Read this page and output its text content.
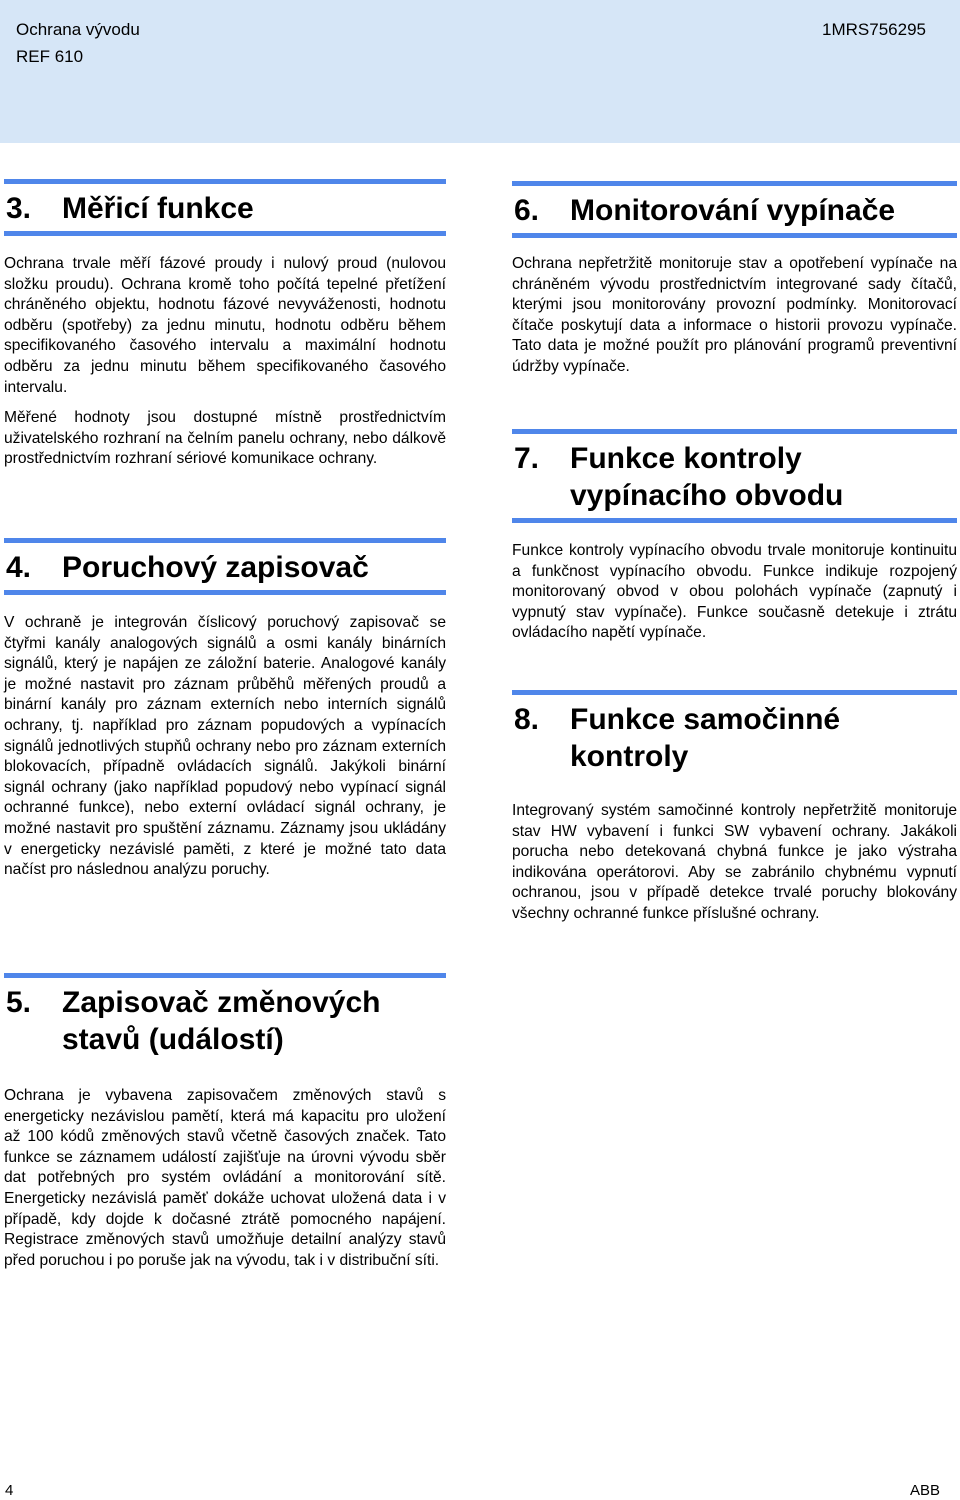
Ochrana vývodu
REF 610
1MRS756295
3.	Měřicí funkce

Ochrana trvale měří fázové proudy i nulový proud (nulovou složku proudu). Ochrana kromě toho počítá tepelné přetížení chráněného objektu, hodnotu fázové nevyváženosti, hodnotu odběru (spotřeby) za jednu minutu, hodnotu odběru během specifikovaného časového intervalu a maximální hodnotu odběru za jednu minutu během specifikovaného časového intervalu.

Měřené hodnoty jsou dostupné místně prostřednictvím uživatelského rozhraní na čelním panelu ochrany, nebo dálkově prostřednictvím rozhraní sériové komunikace ochrany.

4.	Poruchový zapisovač

V ochraně je integrován číslicový poruchový zapisovač se čtyřmi kanály analogových signálů a osmi kanály binárních signálů, který je napájen ze záložní baterie. Analogové kanály je možné nastavit pro záznam průběhů měřených proudů a binární kanály pro záznam externích nebo interních signálů ochrany, tj. například pro záznam popudových a vypínacích signálů jednotlivých stupňů ochrany nebo pro záznam externích blokovacích, případně ovládacích signálů. Jakýkoli binární signál ochrany (jako například popudový nebo vypínací signál ochranné funkce), nebo externí ovládací signál ochrany, je možné nastavit pro spuštění záznamu. Záznamy jsou ukládány v energeticky nezávislé paměti, z které je možné tato data načíst pro následnou analýzu poruchy.

5.	Zapisovač změnových stavů (událostí)

Ochrana je vybavena zapisovačem změnových stavů s energeticky nezávislou pamětí, která má kapacitu pro uložení až 100 kódů změnových stavů včetně časových značek. Tato funkce se záznamem událostí zajišťuje na úrovni vývodu sběr dat potřebných pro systém ovládání a monitorování sítě. Energeticky nezávislá paměť dokáže uchovat uložená data i v případě, kdy dojde k dočasné ztrátě pomocného napájení. Registrace změnových stavů umožňuje detailní analýzy stavů před poruchou i po poruše jak na vývodu, tak i v distribuční síti.

6.	Monitorování vypínače

Ochrana nepřetržitě monitoruje stav a opotřebení vypínače na chráněném vývodu prostřednictvím integrované sady čítačů, kterými jsou monitorovány provozní podmínky. Monitorovací čítače poskytují data a informace o historii provozu vypínače. Tato data je možné použít pro plánování programů preventivní údržby vypínače.

7.	Funkce kontroly vypínacího obvodu

Funkce kontroly vypínacího obvodu trvale monitoruje kontinuitu a funkčnost vypínacího obvodu. Funkce indikuje rozpojený monitorovaný obvod v obou polohách vypínače (zapnutý i vypnutý stav vypínače). Funkce současně detekuje i ztrátu ovládacího napětí vypínače.

8.	Funkce samočinné kontroly

Integrovaný systém samočinné kontroly nepřetržitě monitoruje stav HW vybavení i funkci SW vybavení ochrany. Jakákoli porucha nebo detekovaná chybná funkce je jako výstraha indikována operátorovi. Aby se zabránilo chybnému vypnutí ochranou, jsou v případě detekce trvalé poruchy blokovány všechny ochranné funkce příslušné ochrany.

4	ABB
